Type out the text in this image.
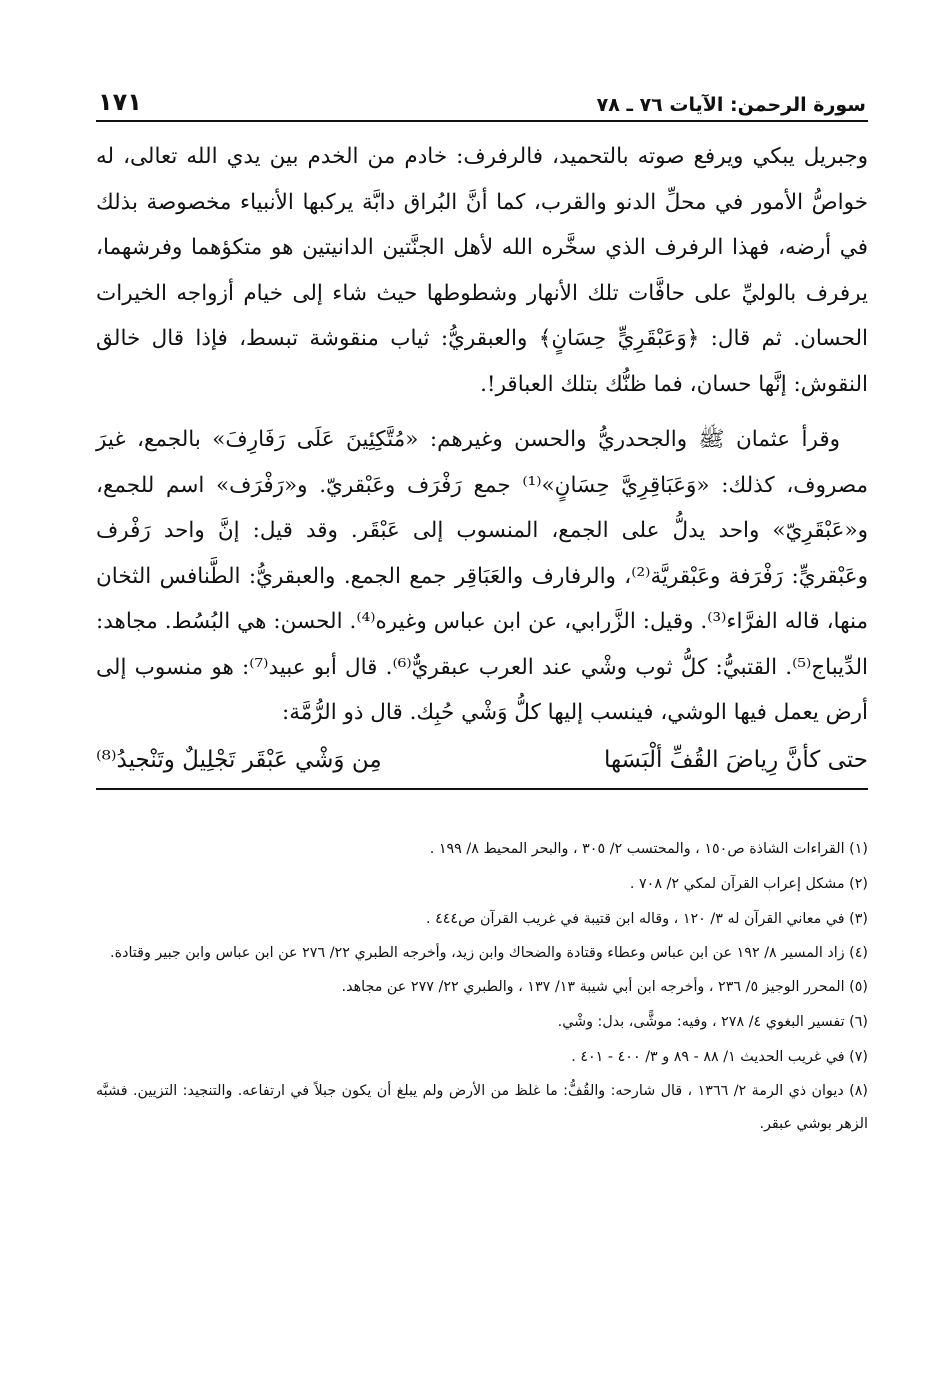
سورة الرحمن: الآيات ٧٦ ـ ٧٨
١٧١

وجبريل يبكي ويرفع صوته بالتحميد، فالرفرف: خادم من الخدم بين يدي الله تعالى، له خواصُّ الأمور في محلِّ الدنو والقرب، كما أنَّ البُراق دابَّة يركبها الأنبياء مخصوصة بذلك في أرضه، فهذا الرفرف الذي سخَّره الله لأهل الجنَّتين الدانيتين هو متكؤهما وفرشهما، يرفرف بالوليِّ على حافَّات تلك الأنهار وشطوطها حيث شاء إلى خيام أزواجه الخيرات الحسان. ثم قال: ﴿وَعَبْقَرِيٍّ حِسَانٍ﴾ والعبقريُّ: ثياب منقوشة تبسط، فإذا قال خالق النقوش: إنَّها حسان، فما ظنُّك بتلك العباقر!.

وقرأ عثمان ﷺ والجحدريُّ والحسن وغيرهم: «مُتَّكِئِينَ عَلَى رَفَارِفَ» بالجمع، غيرَ مصروف، كذلك: «وَعَبَاقِرِيَّ حِسَانٍ»⁽¹⁾ جمع رَفْرَف وعَبْقريّ. و«رَفْرَف» اسم للجمع، و«عَبْقَرِيّ» واحد يدلُّ على الجمع، المنسوب إلى عَبْقَر. وقد قيل: إنَّ واحد رَفْرف وعَبْقريٍّ: رَفْرَفة وعَبْقريَّة⁽²⁾، والرفارف والعَبَاقِر جمع الجمع. والعبقريُّ: الطَّنافس الثخان منها، قاله الفرَّاء⁽³⁾. وقيل: الزَّرابي، عن ابن عباس وغيره⁽⁴⁾. الحسن: هي البُسُط. مجاهد: الدِّيباج⁽⁵⁾. القتبيُّ: كلُّ ثوب وشْي عند العرب عبقريٌّ⁽⁶⁾. قال أبو عبيد⁽⁷⁾: هو منسوب إلى أرض يعمل فيها الوشي، فينسب إليها كلُّ وَشْي حُبِك. قال ذو الرُّمَّة:

حتى كأنَّ رِياضَ القُفِّ ألْبَسَها
مِن وَشْي عَبْقَر تَجْلِيلٌ وتَنْجيدُ⁽⁸⁾

(١) القراءات الشاذة ص١٥٠ ، والمحتسب ٢/ ٣٠٥ ، والبحر المحيط ٨/ ١٩٩ .

(٢) مشكل إعراب القرآن لمكي ٢/ ٧٠٨ .

(٣) في معاني القرآن له ٣/ ١٢٠ ، وقاله ابن قتيبة في غريب القرآن ص٤٤٤ .

(٤) زاد المسير ٨/ ١٩٢ عن ابن عباس وعطاء وقتادة والضحاك وابن زيد، وأخرجه الطبري ٢٢/ ٢٧٦ عن ابن عباس وابن جبير وقتادة.

(٥) المحرر الوجيز ٥/ ٢٣٦ ، وأخرجه ابن أبي شيبة ١٣/ ١٣٧ ، والطبري ٢٢/ ٢٧٧ عن مجاهد.

(٦) تفسير البغوي ٤/ ٢٧٨ ، وفيه: موشًّى، بدل: وشْي.

(٧) في غريب الحديث ١/ ٨٨ - ٨٩ و ٣/ ٤٠٠ - ٤٠١ .

(٨) ديوان ذي الرمة ٢/ ١٣٦٦ ، قال شارحه: والقُفُّ: ما غلظ من الأرض ولم يبلغ أن يكون جبلاً في ارتفاعه. والتنجيد: التزيين. فشبَّه الزهر بوشي عبقر.
